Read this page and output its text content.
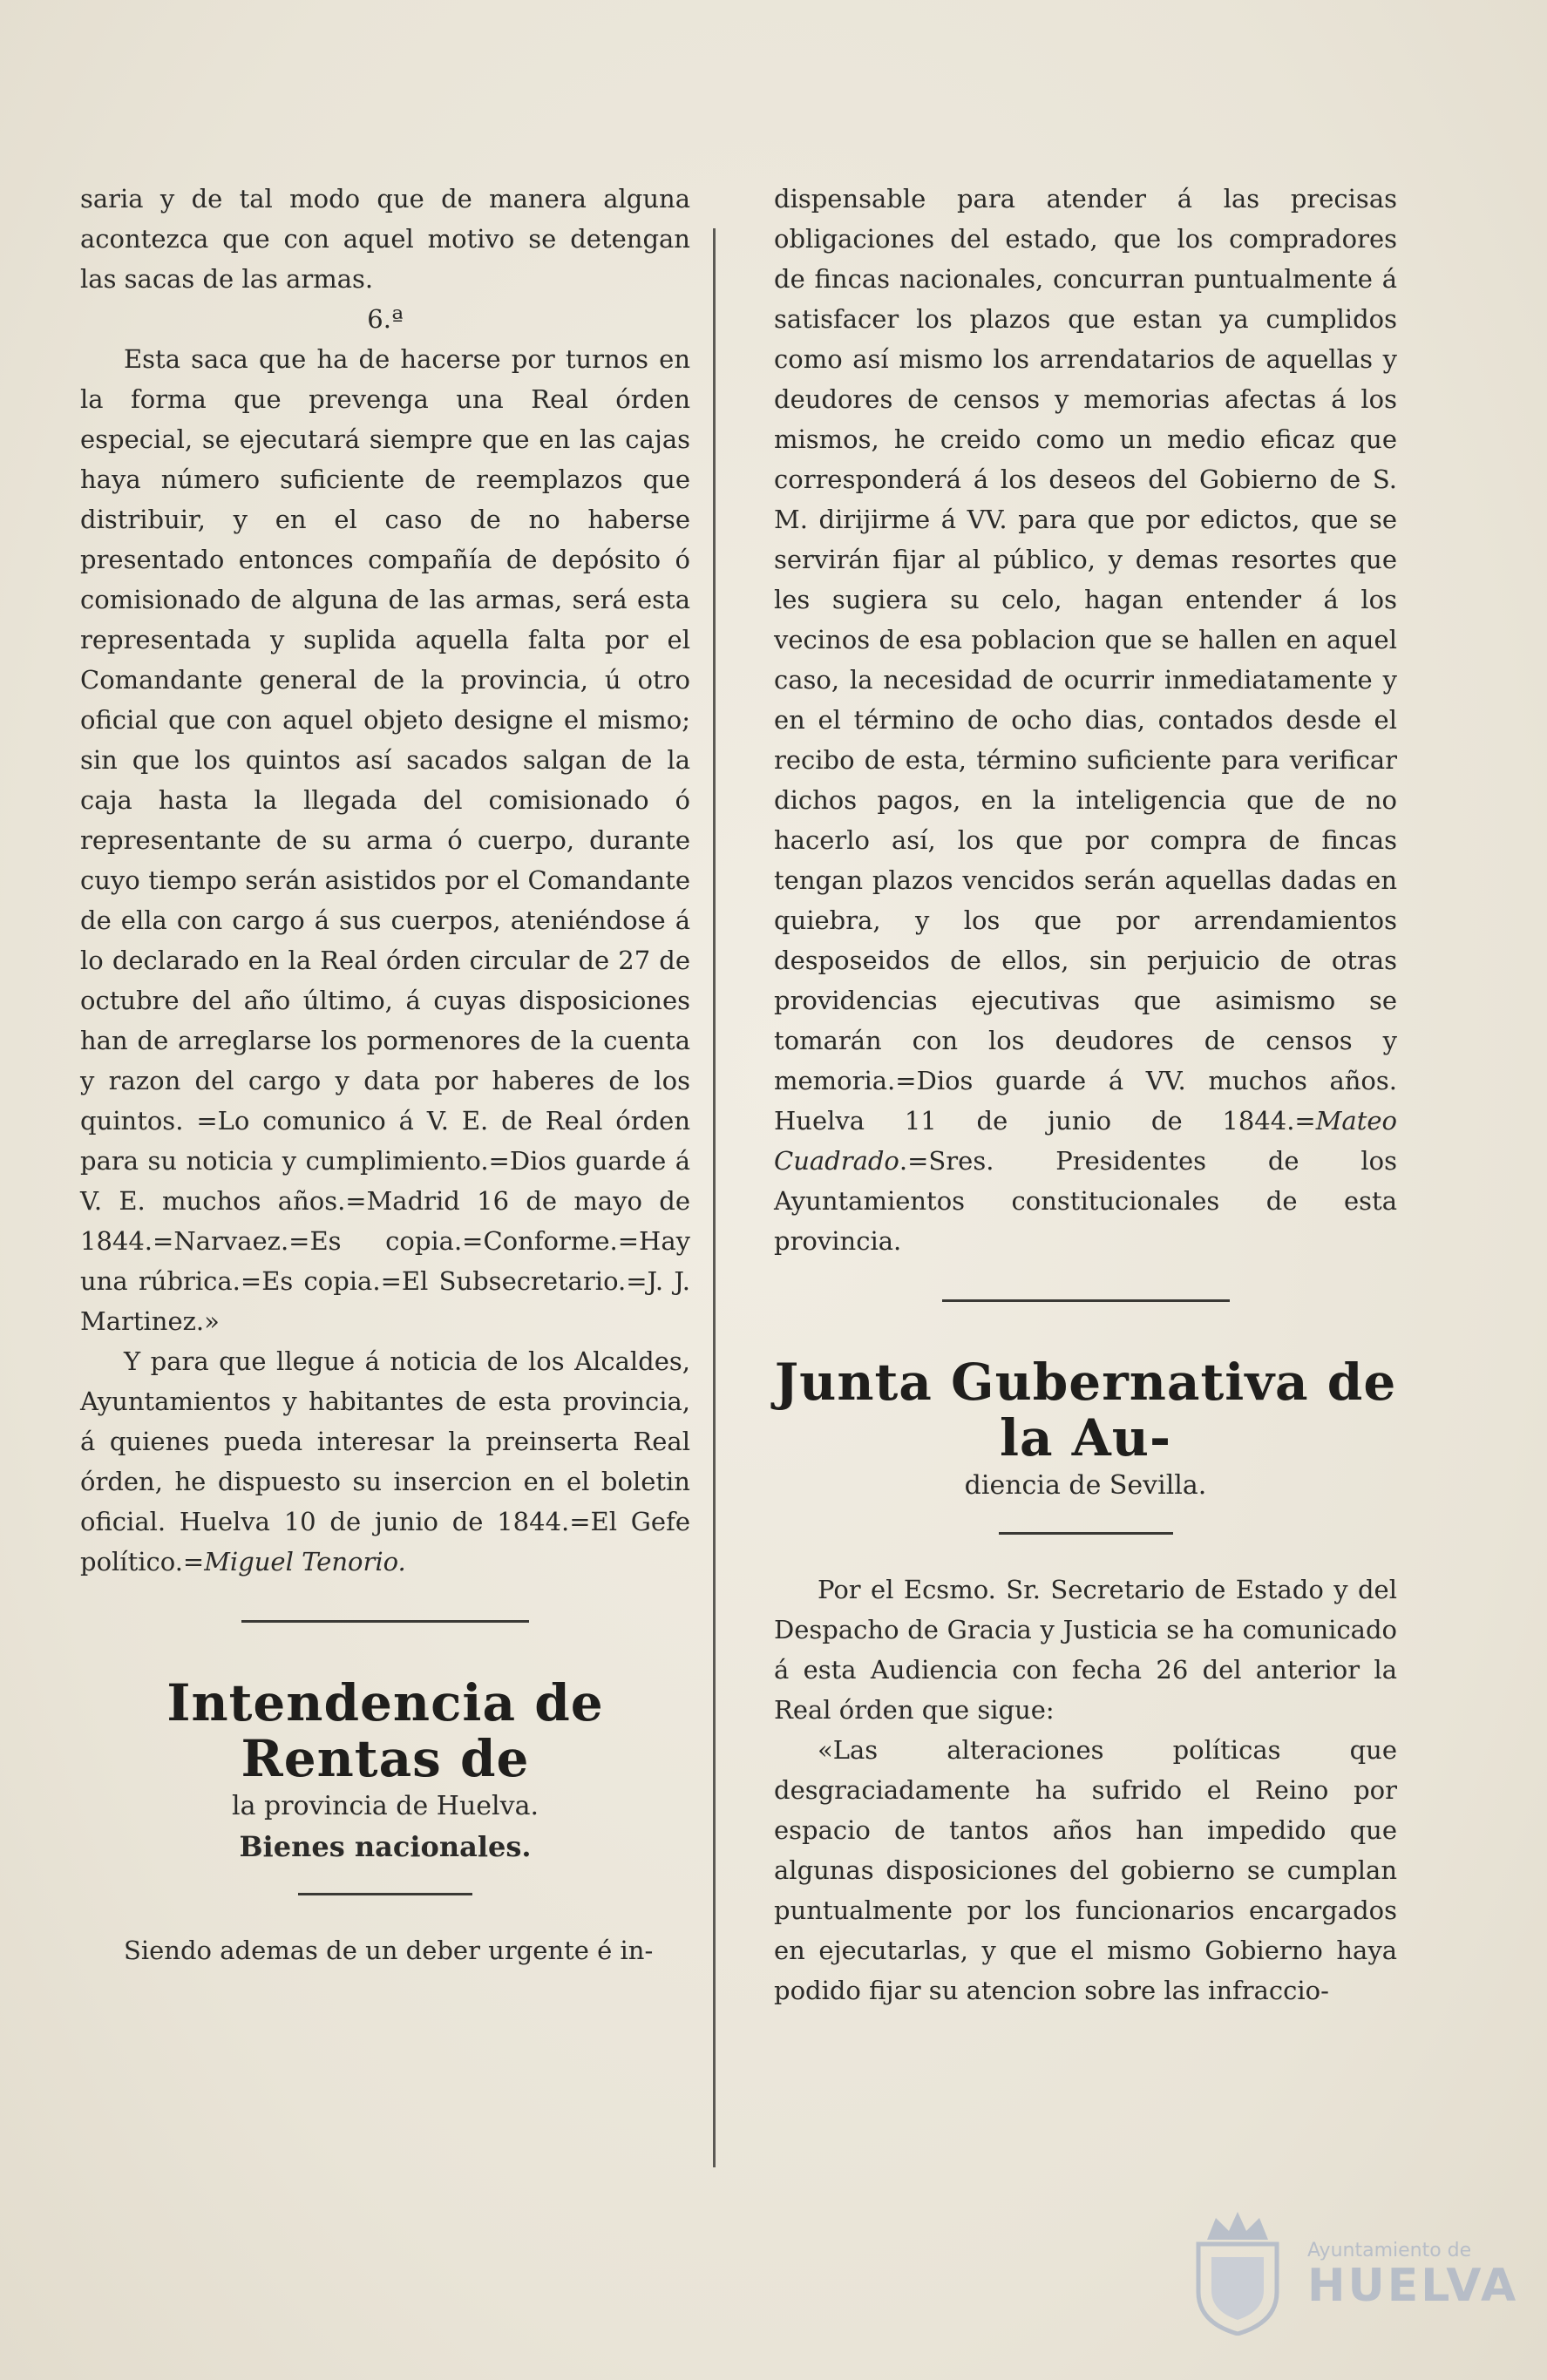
saria y de tal modo que de manera alguna acontezca que con aquel motivo se detengan las sacas de las armas.

6.ª

Esta saca que ha de hacerse por turnos en la forma que prevenga una Real órden especial, se ejecutará siempre que en las cajas haya número suficiente de reemplazos que distribuir, y en el caso de no haberse presentado entonces compañía de depósito ó comisionado de alguna de las armas, será esta representada y suplida aquella falta por el Comandante general de la provincia, ú otro oficial que con aquel objeto designe el mismo; sin que los quintos así sacados salgan de la caja hasta la llegada del comisionado ó representante de su arma ó cuerpo, durante cuyo tiempo serán asistidos por el Comandante de ella con cargo á sus cuerpos, ateniéndose á lo declarado en la Real órden circular de 27 de octubre del año último, á cuyas disposiciones han de arreglarse los pormenores de la cuenta y razon del cargo y data por haberes de los quintos. =Lo comunico á V. E. de Real órden para su noticia y cumplimiento.=Dios guarde á V. E. muchos años.=Madrid 16 de mayo de 1844.=Narvaez.=Es copia.=Conforme.=Hay una rúbrica.=Es copia.=El Subsecretario.=J. J. Martinez.»

Y para que llegue á noticia de los Alcaldes, Ayuntamientos y habitantes de esta provincia, á quienes pueda interesar la preinserta Real órden, he dispuesto su insercion en el boletin oficial. Huelva 10 de junio de 1844.=El Gefe político.=Miguel Tenorio.

Intendencia de Rentas de

la provincia de Huelva.

Bienes nacionales.

Siendo ademas de un deber urgente é in-

dispensable para atender á las precisas obligaciones del estado, que los compradores de fincas nacionales, concurran puntualmente á satisfacer los plazos que estan ya cumplidos como así mismo los arrendatarios de aquellas y deudores de censos y memorias afectas á los mismos, he creido como un medio eficaz que corresponderá á los deseos del Gobierno de S. M. dirijirme á VV. para que por edictos, que se servirán fijar al público, y demas resortes que les sugiera su celo, hagan entender á los vecinos de esa poblacion que se hallen en aquel caso, la necesidad de ocurrir inmediatamente y en el término de ocho dias, contados desde el recibo de esta, término suficiente para verificar dichos pagos, en la inteligencia que de no hacerlo así, los que por compra de fincas tengan plazos vencidos serán aquellas dadas en quiebra, y los que por arrendamientos desposeidos de ellos, sin perjuicio de otras providencias ejecutivas que asimismo se tomarán con los deudores de censos y memoria.=Dios guarde á VV. muchos años. Huelva 11 de junio de 1844.=Mateo Cuadrado.=Sres. Presidentes de los Ayuntamientos constitucionales de esta provincia.

Junta Gubernativa de la Au-

diencia de Sevilla.

Por el Ecsmo. Sr. Secretario de Estado y del Despacho de Gracia y Justicia se ha comunicado á esta Audiencia con fecha 26 del anterior la Real órden que sigue:

«Las alteraciones políticas que desgraciadamente ha sufrido el Reino por espacio de tantos años han impedido que algunas disposiciones del gobierno se cumplan puntualmente por los funcionarios encargados en ejecutarlas, y que el mismo Gobierno haya podido fijar su atencion sobre las infraccio-

Ayuntamiento de
HUELVA
